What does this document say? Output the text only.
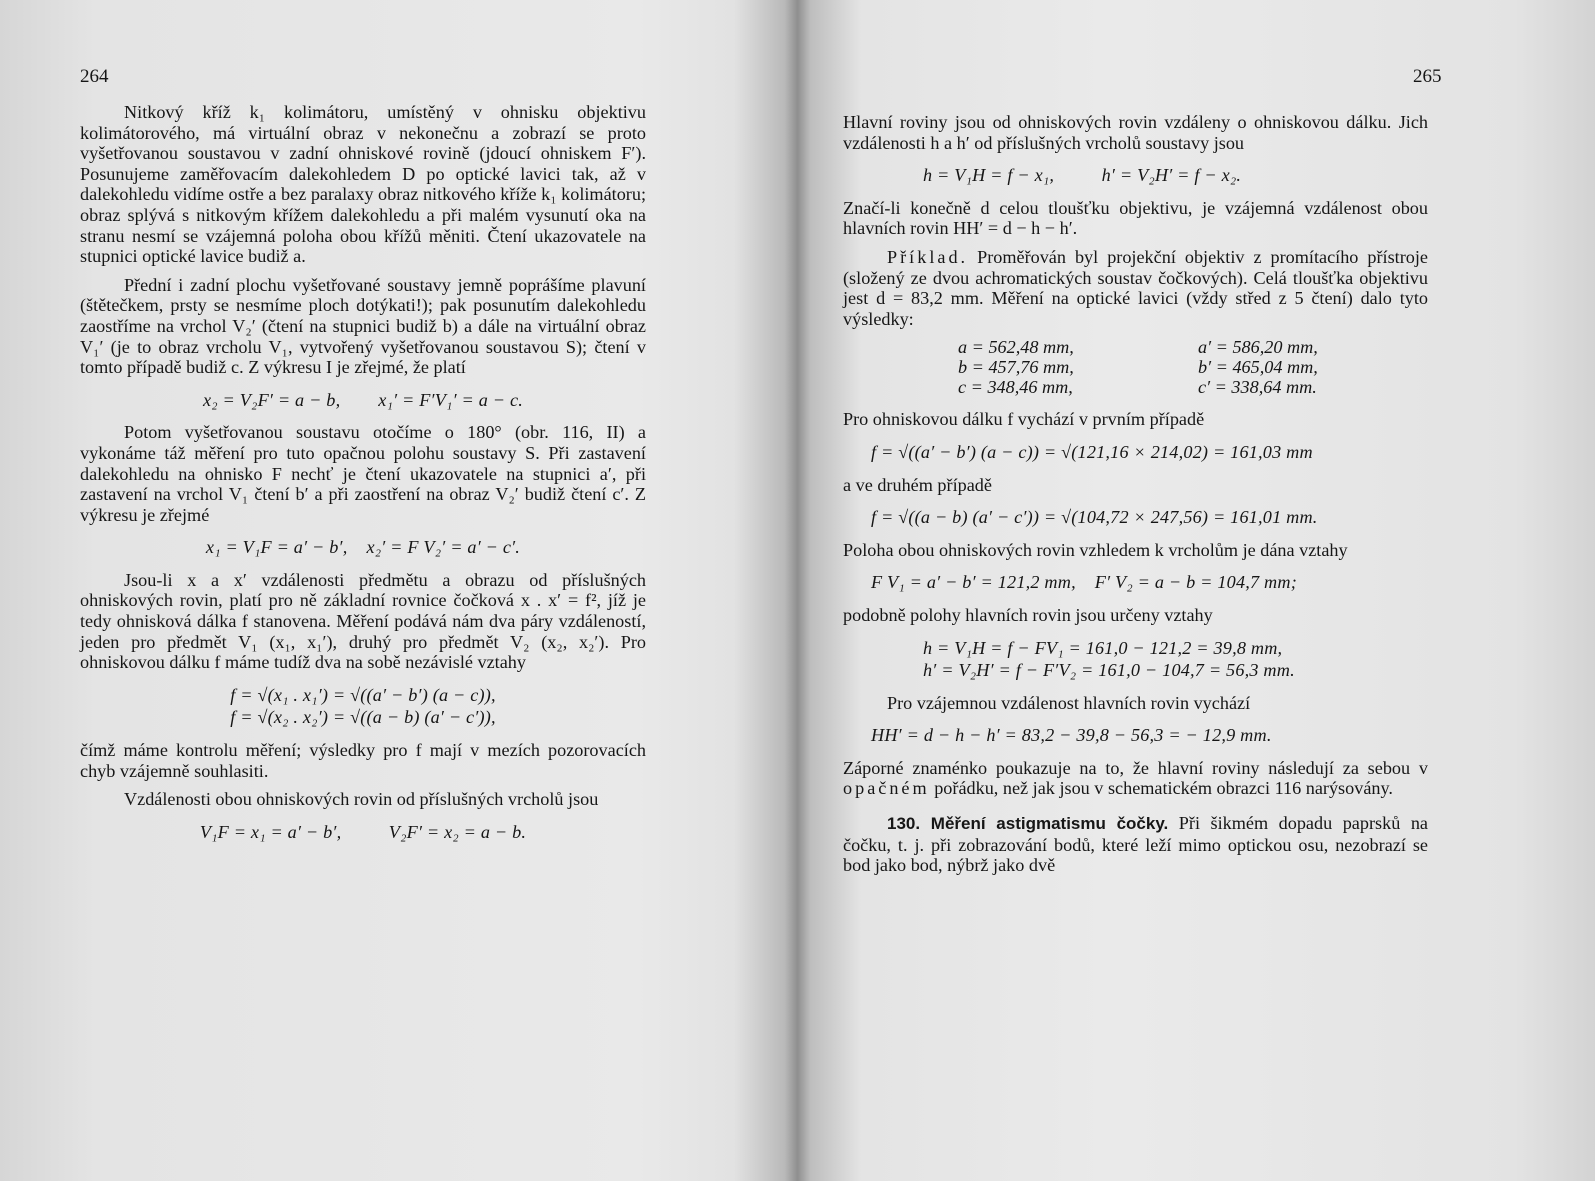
264

Nitkový kříž k₁ kolimátoru, umístěný v ohnisku objektivu kolimátorového, má virtuální obraz v nekonečnu a zobrazí se proto vyšetřovanou soustavou v zadní ohniskové rovině (jdoucí ohniskem F′). Posunujeme zaměřovacím dalekohledem D po optické lavici tak, až v dalekohledu vidíme ostře a bez paralaxy obraz nitkového kříže k₁ kolimátoru; obraz splývá s nitkovým křížem dalekohledu a při malém vysunutí oka na stranu nesmí se vzájemná poloha obou křížů měniti. Čtení ukazovatele na stupnici optické lavice budiž a.

Přední i zadní plochu vyšetřované soustavy jemně poprášíme plavuní (štětečkem, prsty se nesmíme ploch dotýkati!); pak posunutím dalekohledu zaostříme na vrchol V₂′ (čtení na stupnici budiž b) a dále na virtuální obraz V₁′ (je to obraz vrcholu V₁, vytvořený vyšetřovanou soustavou S); čtení v tomto případě budiž c. Z výkresu I je zřejmé, že platí

x₂ = V₂F′ = a − b,        x₁′ = F′V₁′ = a − c.

Potom vyšetřovanou soustavu otočíme o 180° (obr. 116, II) a vykonáme táž měření pro tuto opačnou polohu soustavy S. Při zastavení dalekohledu na ohnisko F nechť je čtení ukazovatele na stupnici a′, při zastavení na vrchol V₁ čtení b′ a při zaostření na obraz V₂′ budiž čtení c′. Z výkresu je zřejmé

x₁ = V₁F = a′ − b′,    x₂′ = F V₂′ = a′ − c′.

Jsou-li x a x′ vzdálenosti předmětu a obrazu od příslušných ohniskových rovin, platí pro ně základní rovnice čočková x . x′ = f², jíž je tedy ohnisková dálka f stanovena. Měření podává nám dva páry vzdáleností, jeden pro předmět V₁ (x₁, x₁′), druhý pro předmět V₂ (x₂, x₂′). Pro ohniskovou dálku f máme tudíž dva na sobě nezávislé vztahy

f = √(x₁ . x₁′) = √((a′ − b′) (a − c)),
f = √(x₂ . x₂′) = √((a − b) (a′ − c′)),

čímž máme kontrolu měření; výsledky pro f mají v mezích pozorovacích chyb vzájemně souhlasiti.

Vzdálenosti obou ohniskových rovin od příslušných vrcholů jsou

V₁F = x₁ = a′ − b′,          V₂F′ = x₂ = a − b.
265

Hlavní roviny jsou od ohniskových rovin vzdáleny o ohniskovou dálku. Jich vzdálenosti h a h′ od příslušných vrcholů soustavy jsou

h = V₁H = f − x₁,          h′ = V₂H′ = f − x₂.

Značí-li konečně d celou tloušťku objektivu, je vzájemná vzdálenost obou hlavních rovin HH′ = d − h − h′.

Příklad. Proměřován byl projekční objektiv z promítacího přístroje (složený ze dvou achromatických soustav čočkových). Celá tloušťka objektivu jest d = 83,2 mm. Měření na optické lavici (vždy střed z 5 čtení) dalo tyto výsledky:

a = 562,48 mm,	a′ = 586,20 mm,
b = 457,76 mm,	b′ = 465,04 mm,
c = 348,46 mm,	c′ = 338,64 mm.

Pro ohniskovou dálku f vychází v prvním případě

f = √((a′ − b′) (a − c)) = √(121,16 × 214,02) = 161,03 mm

a ve druhém případě

f = √((a − b) (a′ − c′)) = √(104,72 × 247,56) = 161,01 mm.

Poloha obou ohniskových rovin vzhledem k vrcholům je dána vztahy

F V₁ = a′ − b′ = 121,2 mm,    F′ V₂ = a − b = 104,7 mm;

podobně polohy hlavních rovin jsou určeny vztahy

h = V₁H = f − FV₁ = 161,0 − 121,2 = 39,8 mm,
h′ = V₂H′ = f − F′V₂ = 161,0 − 104,7 = 56,3 mm.

Pro vzájemnou vzdálenost hlavních rovin vychází

HH′ = d − h − h′ = 83,2 − 39,8 − 56,3 = − 12,9 mm.

Záporné znaménko poukazuje na to, že hlavní roviny následují za sebou v opačném pořádku, než jak jsou v schematickém obrazci 116 narýsovány.

130. Měření astigmatismu čočky. Při šikmém dopadu paprsků na čočku, t. j. při zobrazování bodů, které leží mimo optickou osu, nezobrazí se bod jako bod, nýbrž jako dvě
